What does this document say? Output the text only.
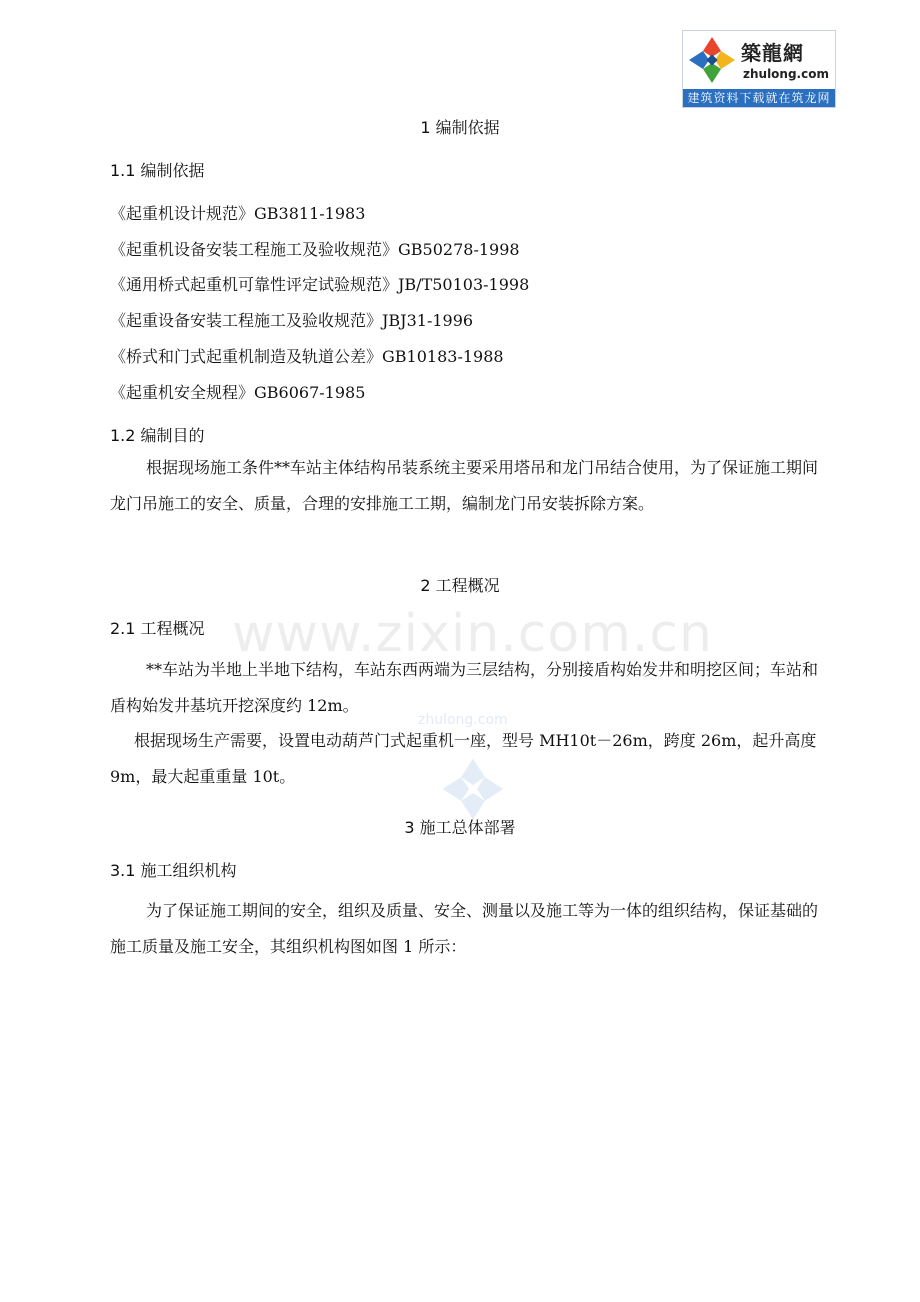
築龍網
zhulong.com
建筑资料下载就在筑龙网
www.zixin.com.cn
zhulong.com
1 编制依据
1.1 编制依据
《起重机设计规范》GB3811-1983
《起重机设备安装工程施工及验收规范》GB50278-1998
《通用桥式起重机可靠性评定试验规范》JB/T50103-1998
《起重设备安装工程施工及验收规范》JBJ31-1996
《桥式和门式起重机制造及轨道公差》GB10183-1988
《起重机安全规程》GB6067-1985
1.2 编制目的
根据现场施工条件**车站主体结构吊装系统主要采用塔吊和龙门吊结合使用，为了保证施工期间龙门吊施工的安全、质量，合理的安排施工工期，编制龙门吊安装拆除方案。
2 工程概况
2.1 工程概况
**车站为半地上半地下结构，车站东西两端为三层结构，分别接盾构始发井和明挖区间；车站和盾构始发井基坑开挖深度约 12m。
根据现场生产需要，设置电动葫芦门式起重机一座，型号 MH10t－26m，跨度 26m，起升高度 9m，最大起重重量 10t。
3 施工总体部署
3.1 施工组织机构
为了保证施工期间的安全，组织及质量、安全、测量以及施工等为一体的组织结构，保证基础的施工质量及施工安全，其组织机构图如图 1 所示：
